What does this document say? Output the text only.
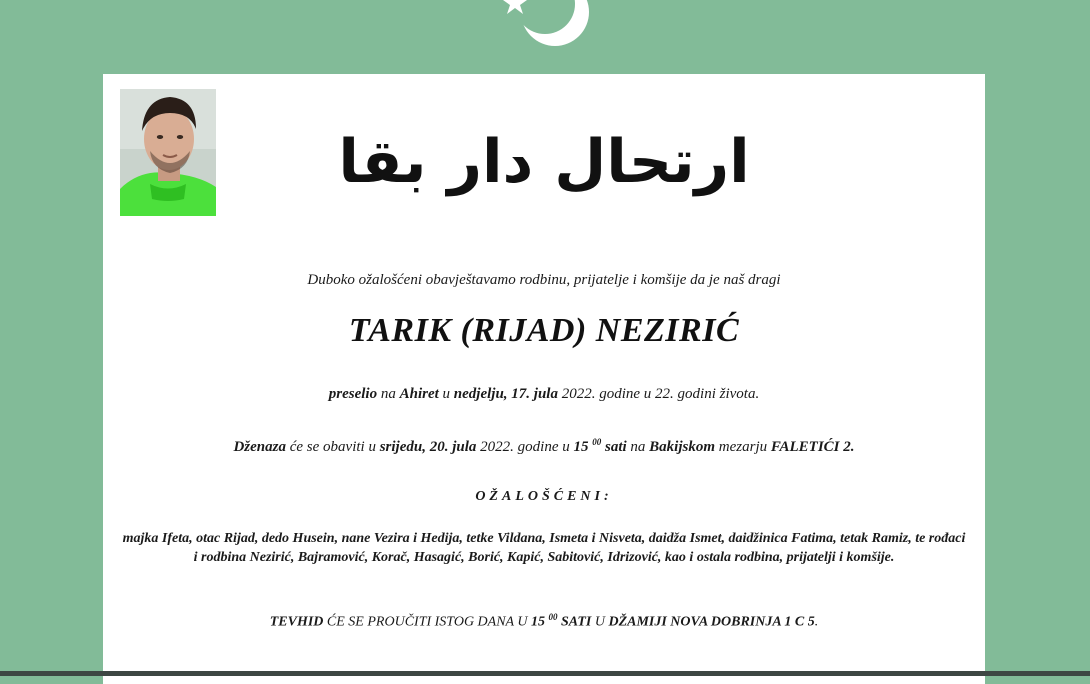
ارتحال دار بقا
Duboko ožalošćeni obavještavamo rodbinu, prijatelje i komšije da je naš dragi
TARIK (RIJAD) NEZIRIĆ
preselio na Ahiret u nedjelju, 17. jula 2022. godine u 22. godini života.
Dženaza će se obaviti u srijedu, 20. jula 2022. godine u 15 $^{00}$ sati na Bakijskom mezarju FALETIĆI 2.
OŽALOŠĆENI:
majka Ifeta, otac Rijad, dedo Husein, nane Vezira i Hedija, tetke Vildana, Ismeta i Nisveta, daidža Ismet, daidžinica Fatima, tetak Ramiz, te rođaci i rodbina Nezirić, Bajramović, Korač, Hasagić, Borić, Kapić, Sabitović, Idrizović, kao i ostala rodbina, prijatelji i komšije.
TEVHID ĆE SE PROUČITI ISTOG DANA U 15 $^{00}$ SATI U DŽAMIJI NOVA DOBRINJA 1 C 5.
